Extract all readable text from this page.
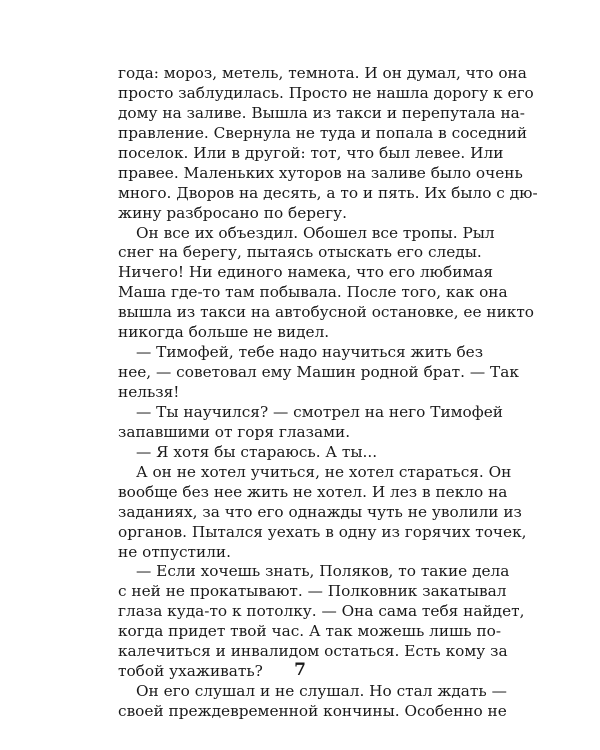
года: мороз, метель, темнота. И он думал, что она
просто заблудилась. Просто не нашла дорогу к его
дому на заливе. Вышла из такси и перепутала на-
правление. Свернула не туда и попала в соседний
поселок. Или в другой: тот, что был левее. Или
правее. Маленьких хуторов на заливе было очень
много. Дворов на десять, а то и пять. Их было с дю-
жину разбросано по берегу.
Он все их объездил. Обошел все тропы. Рыл
снег на берегу, пытаясь отыскать его следы.
Ничего! Ни единого намека, что его любимая
Маша где-то там побывала. После того, как она
вышла из такси на автобусной остановке, ее никто
никогда больше не видел.
— Тимофей, тебе надо научиться жить без
нее, — советовал ему Машин родной брат. — Так
нельзя!
— Ты научился? — смотрел на него Тимофей
запавшими от горя глазами.
— Я хотя бы стараюсь. А ты...
А он не хотел учиться, не хотел стараться. Он
вообще без нее жить не хотел. И лез в пекло на
заданиях, за что его однажды чуть не уволили из
органов. Пытался уехать в одну из горячих точек,
не отпустили.
— Если хочешь знать, Поляков, то такие дела
с ней не прокатывают. — Полковник закатывал
глаза куда-то к потолку. — Она сама тебя найдет,
когда придет твой час. А так можешь лишь по-
калечиться и инвалидом остаться. Есть кому за
тобой ухаживать?
Он его слушал и не слушал. Но стал ждать —
своей преждевременной кончины. Особенно не
7
